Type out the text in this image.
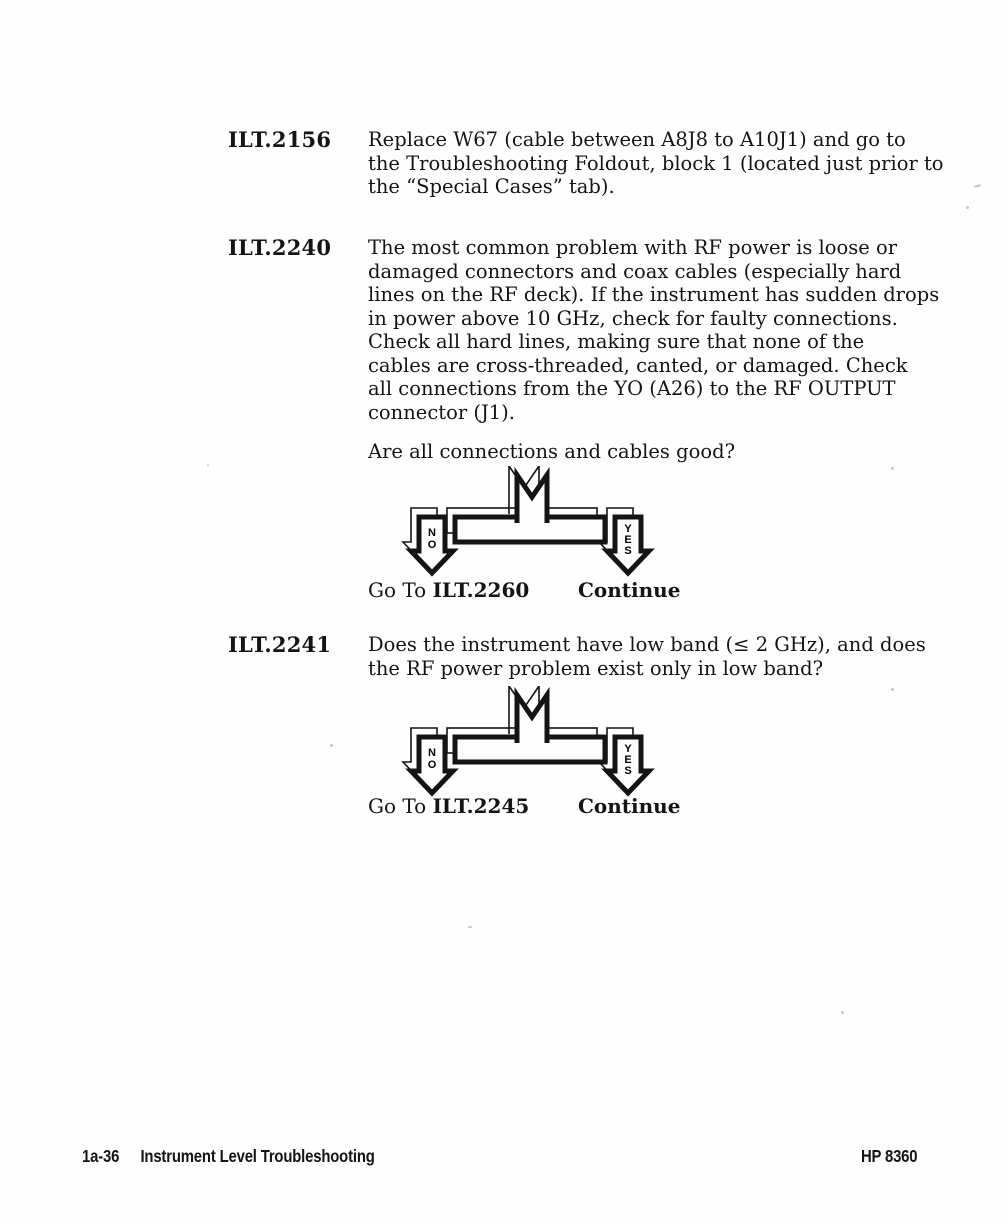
ILT.2156 Replace W67 (cable between A8J8 to A10J1) and go to
the Troubleshooting Foldout, block 1 (located just prior to
the “Special Cases” tab).
ILT.2240 The most common problem with RF power is loose or
damaged connectors and coax cables (especially hard
lines on the RF deck). If the instrument has sudden drops
in power above 10 GHz, check for faulty connections.
Check all hard lines, making sure that none of the
cables are cross-threaded, canted, or damaged. Check
all connections from the YO (A26) to the RF OUTPUT
connector (J1).
Are all connections and cables good?
N
O
Y
E
S
Go To ILT.2260 Continue
ILT.2241 Does the instrument have low band (≤ 2 GHz), and does
the RF power problem exist only in low band?
N
O
Y
E
S
Go To ILT.2245 Continue
1a-36 Instrument Level Troubleshooting	HP 8360
